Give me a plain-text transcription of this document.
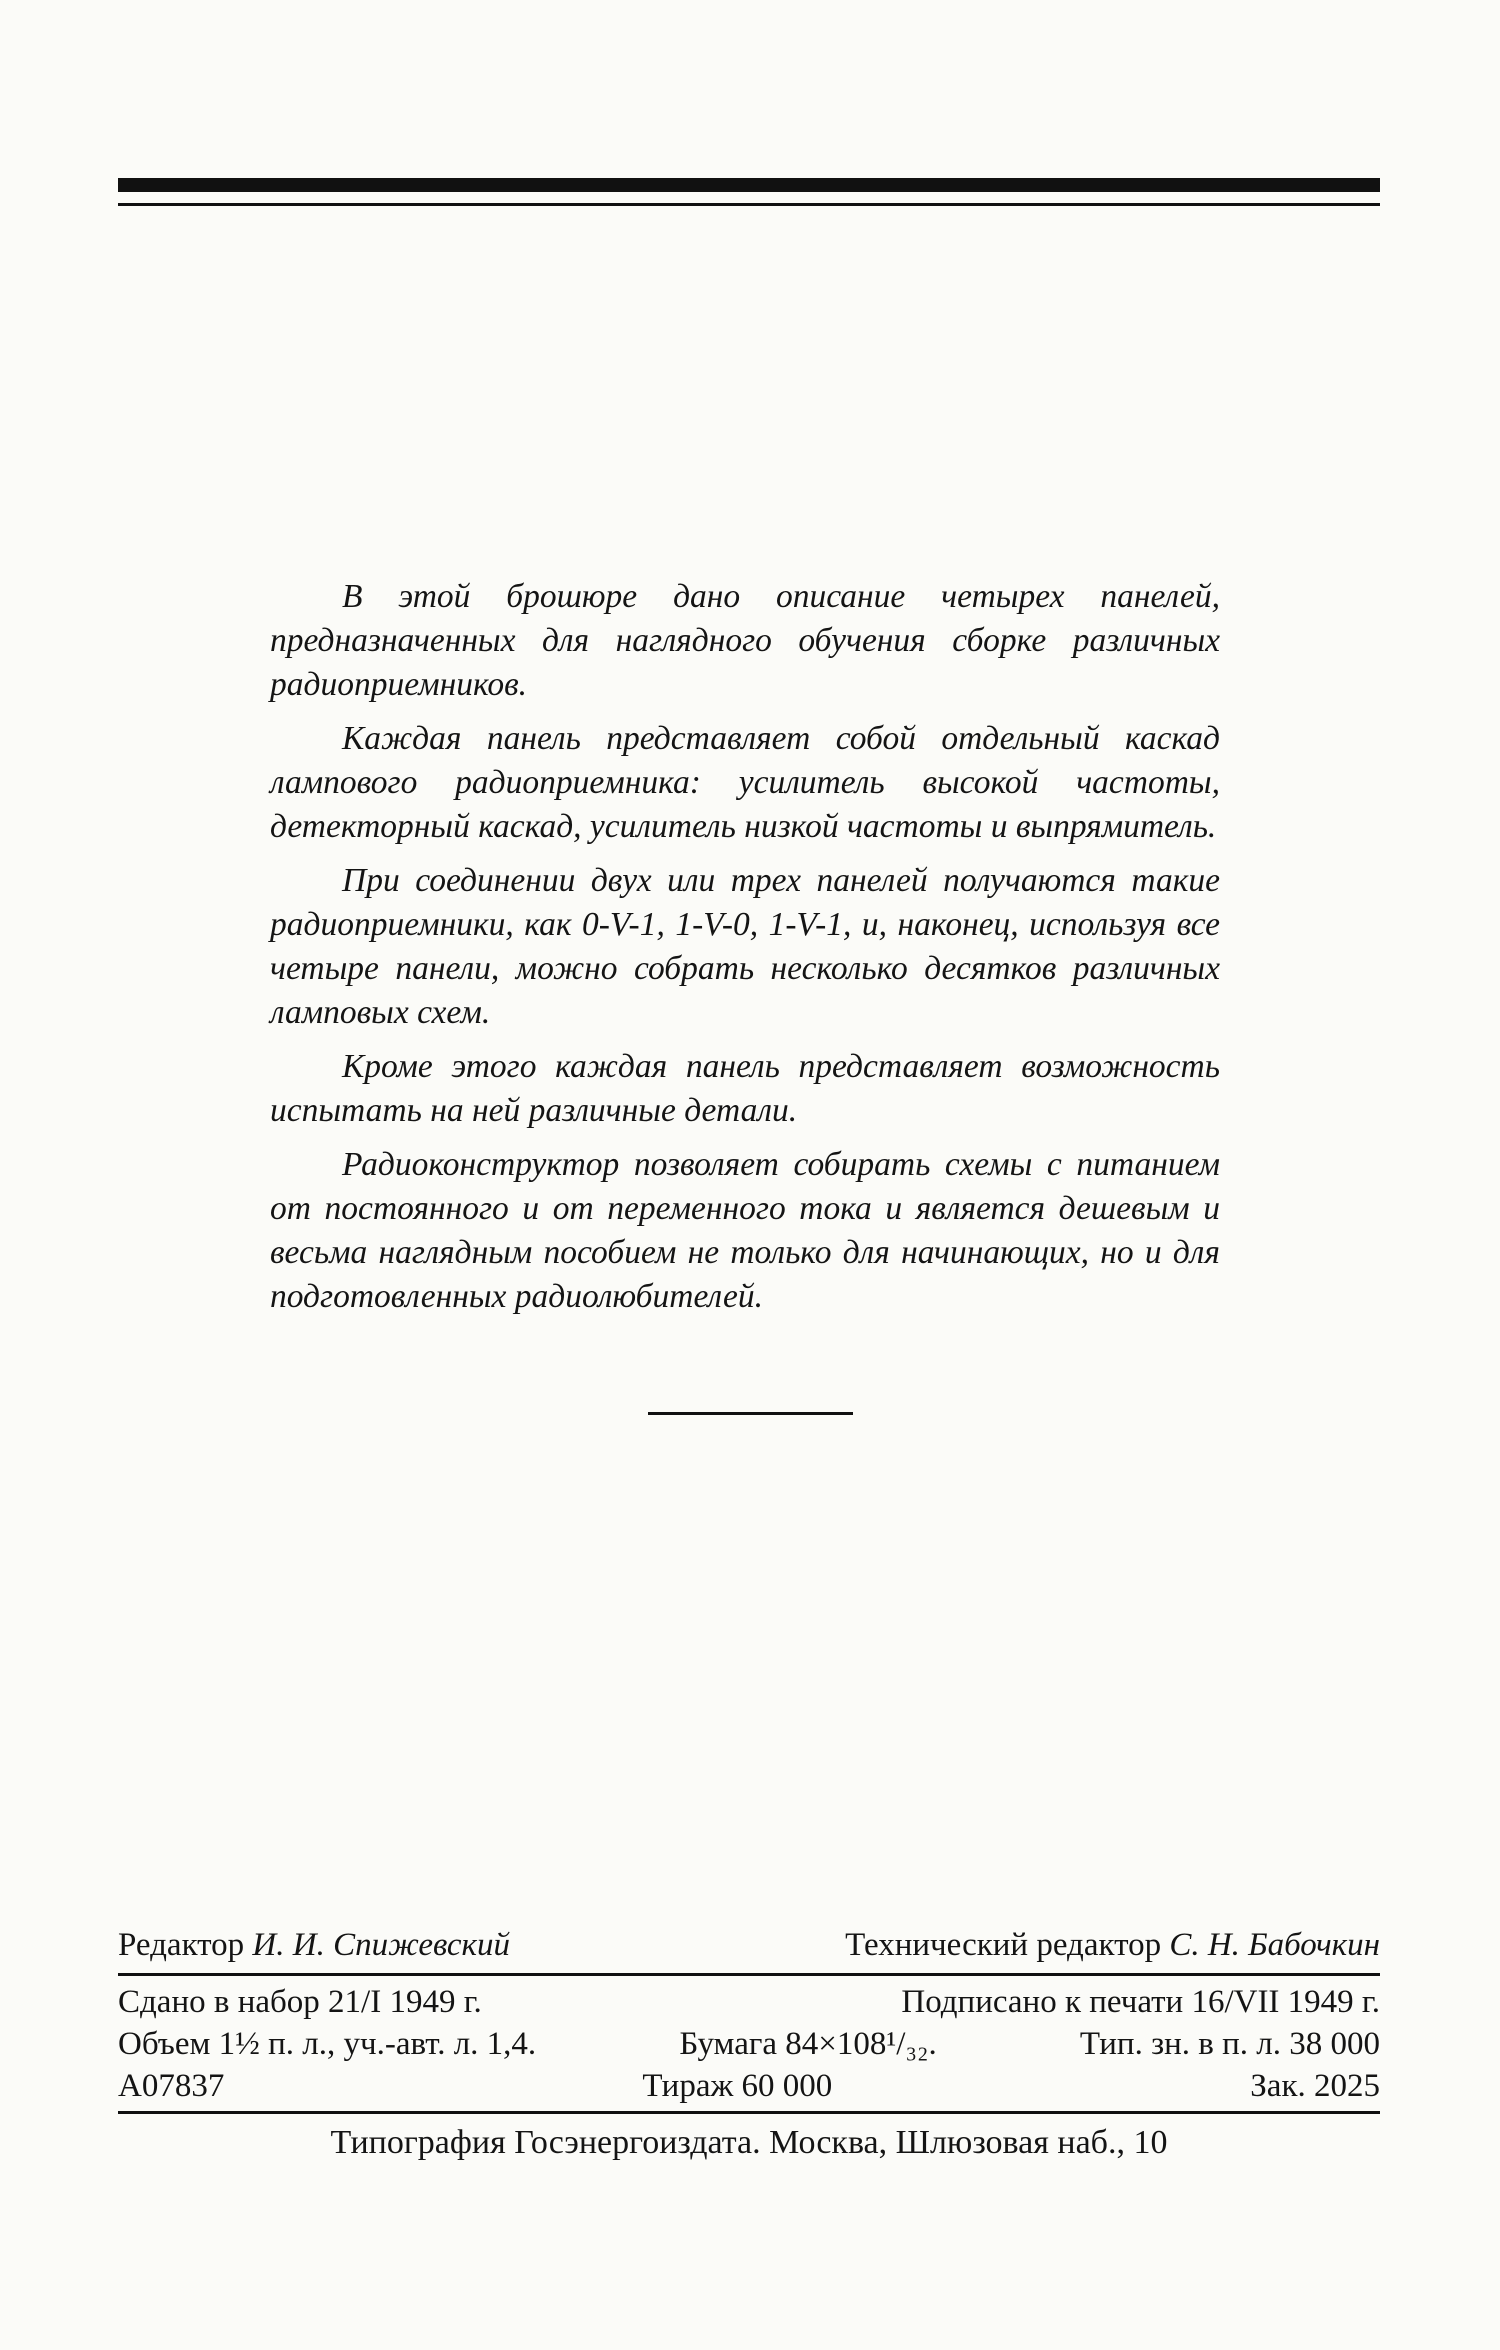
В этой брошюре дано описание четырех панелей, предназначенных для наглядного обучения сборке различных радиоприемников.

Каждая панель представляет собой отдельный каскад лампового радиоприемника: усилитель высокой частоты, детекторный каскад, усилитель низкой частоты и выпрямитель.

При соединении двух или трех панелей получаются такие радиоприемники, как 0-V-1, 1-V-0, 1-V-1, и, наконец, используя все четыре панели, можно собрать несколько десятков различных ламповых схем.

Кроме этого каждая панель представляет возможность испытать на ней различные детали.

Радиоконструктор позволяет собирать схемы с питанием от постоянного и от переменного тока и является дешевым и весьма наглядным пособием не только для начинающих, но и для подготовленных радиолюбителей.

Редактор И. И. Спижевский	Технический редактор С. Н. Бабочкин
Сдано в набор 21/I 1949 г.	Подписано к печати 16/VII 1949 г.
Объем 1½ п. л., уч.-авт. л. 1,4.	Бумага 84×108¹/₃₂.	Тип. зн. в п. л. 38 000
А07837	Тираж 60 000	Зак. 2025
Типография Госэнергоиздата. Москва, Шлюзовая наб., 10
